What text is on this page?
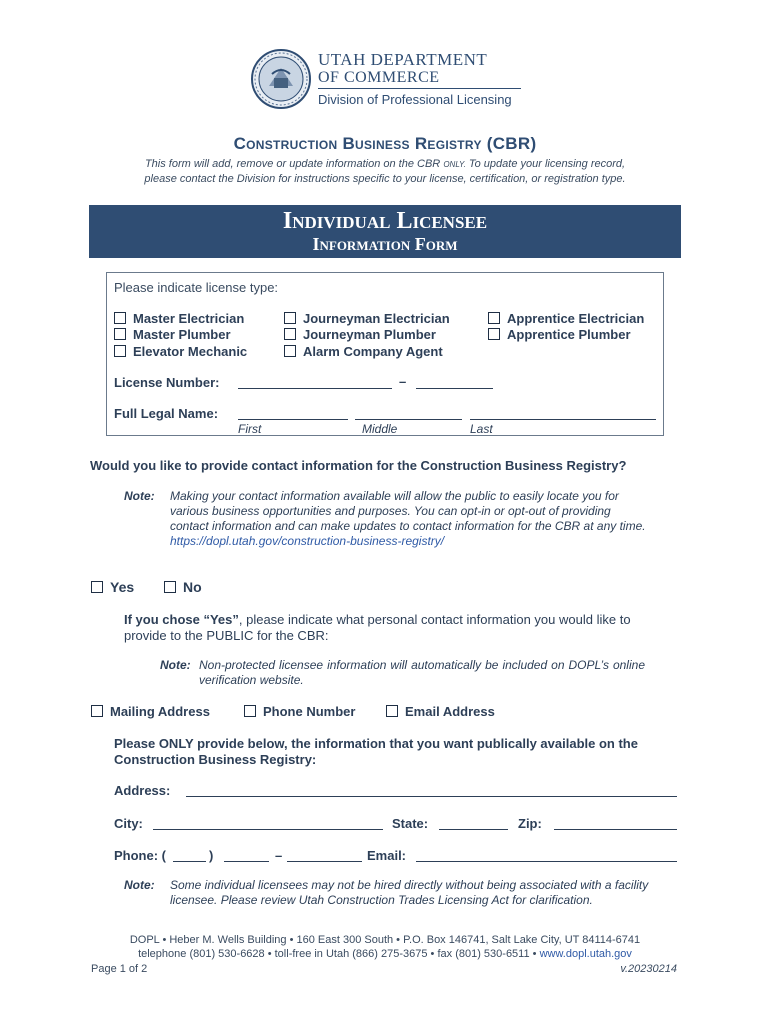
UTAH DEPARTMENT
OF COMMERCE
Division of Professional Licensing
Construction Business Registry (CBR)
This form will add, remove or update information on the CBR ONLY. To update your licensing record,
please contact the Division for instructions specific to your license, certification, or registration type.
Individual Licensee
Information Form
Please indicate license type:
Master Electrician	Journeyman Electrician	Apprentice Electrician
Master Plumber	Journeyman Plumber	Apprentice Plumber
Elevator Mechanic	Alarm Company Agent
License Number:	–
Full Legal Name:
First	Middle	Last
Would you like to provide contact information for the Construction Business Registry?
Note: Making your contact information available will allow the public to easily locate you for various business opportunities and purposes. You can opt-in or opt-out of providing contact information and can make updates to contact information for the CBR at any time. https://dopl.utah.gov/construction-business-registry/
Yes	No
If you chose “Yes”, please indicate what personal contact information you would like to provide to the PUBLIC for the CBR:
Note: Non-protected licensee information will automatically be included on DOPL’s online verification website.
Mailing Address	Phone Number	Email Address
Please ONLY provide below, the information that you want publically available on the Construction Business Registry:
Address:
City:	State:	Zip:
Phone: (	)	–	Email:
Note: Some individual licensees may not be hired directly without being associated with a facility licensee. Please review Utah Construction Trades Licensing Act for clarification.
DOPL • Heber M. Wells Building • 160 East 300 South • P.O. Box 146741, Salt Lake City, UT 84114-6741
telephone (801) 530-6628 • toll-free in Utah (866) 275-3675 • fax (801) 530-6511 • www.dopl.utah.gov
Page 1 of 2	v.20230214
